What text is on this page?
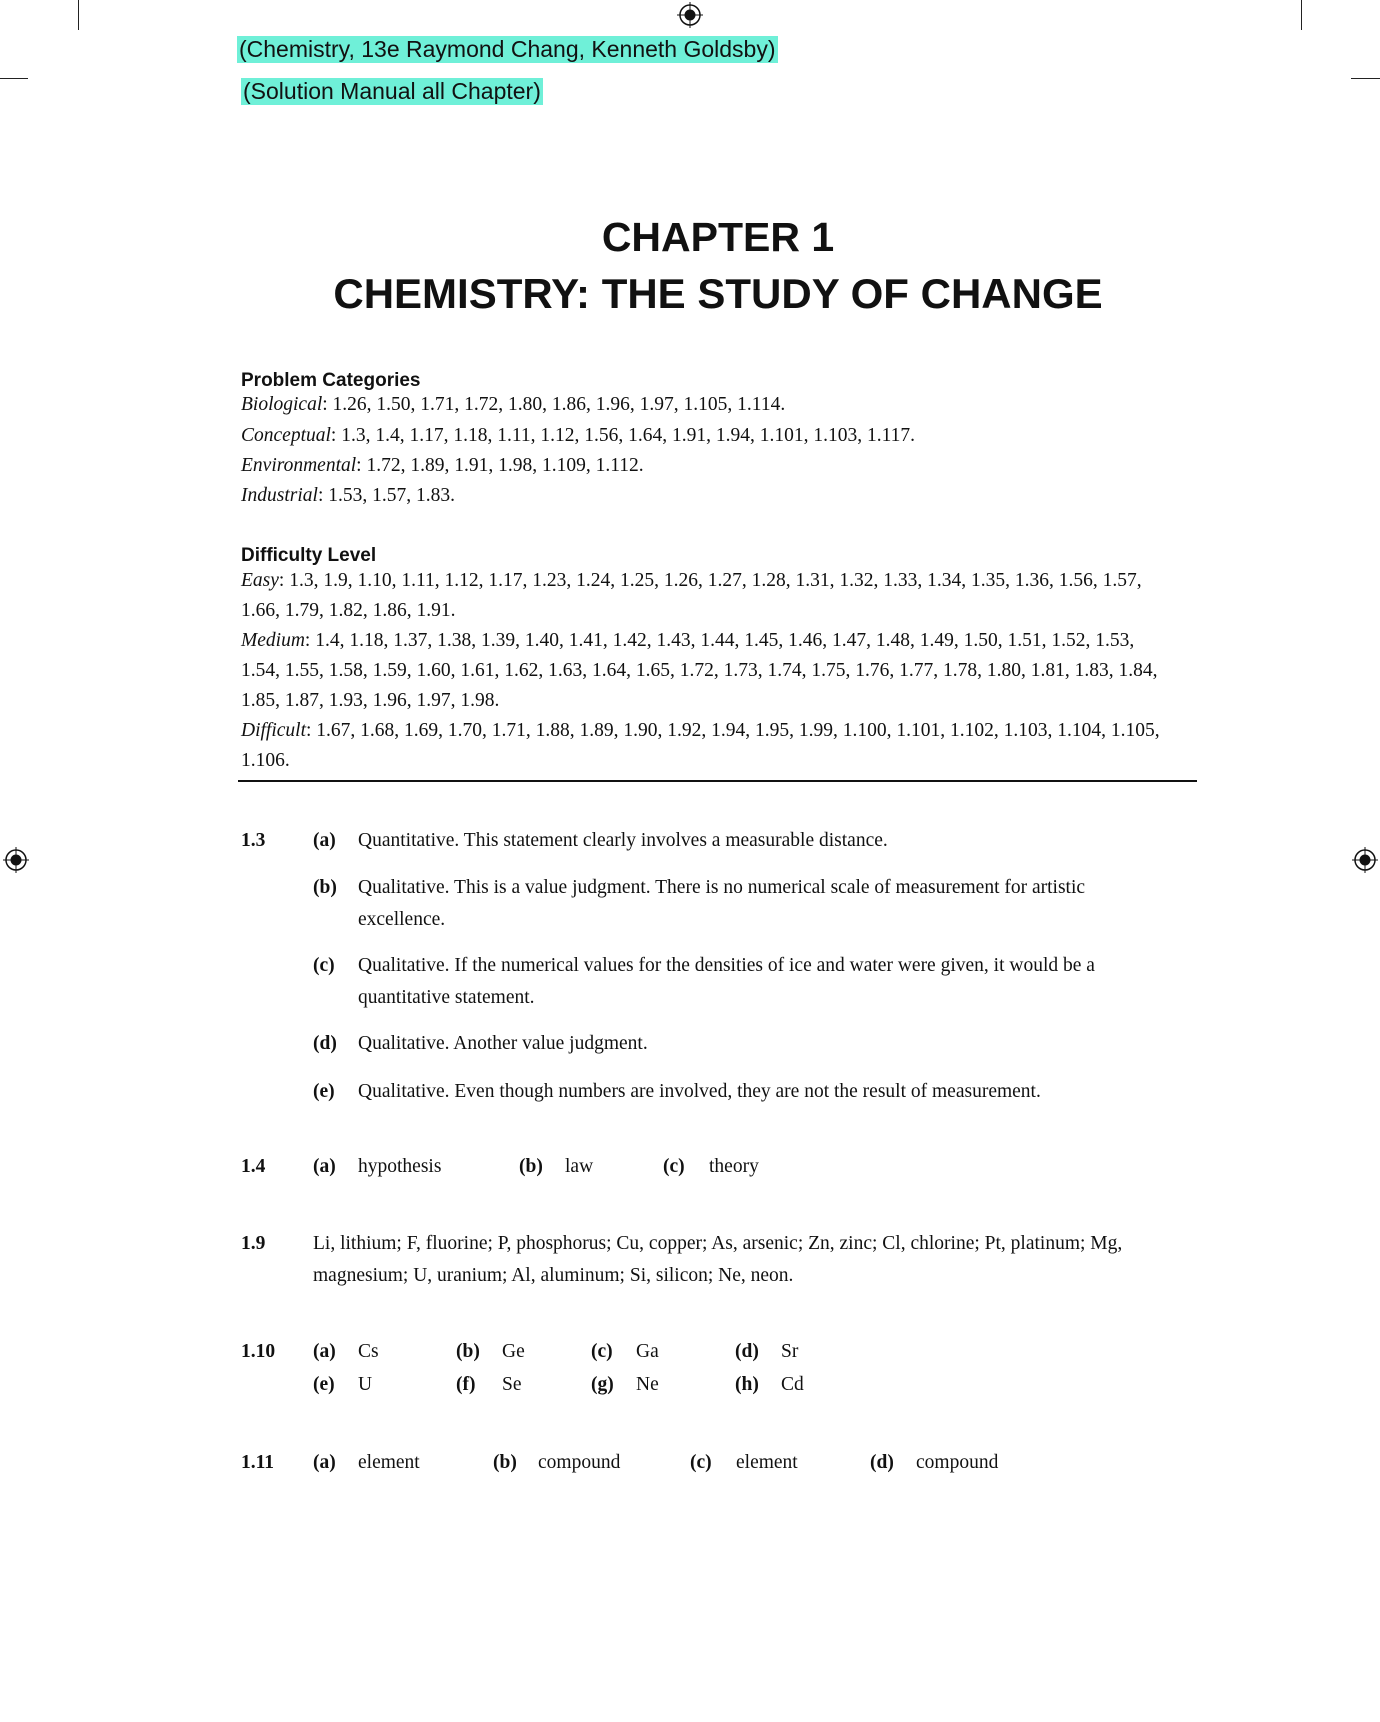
(Chemistry, 13e Raymond Chang, Kenneth Goldsby)
(Solution Manual all Chapter)
CHAPTER 1
CHEMISTRY: THE STUDY OF CHANGE
Problem Categories
Biological: 1.26, 1.50, 1.71, 1.72, 1.80, 1.86, 1.96, 1.97, 1.105, 1.114.
Conceptual: 1.3, 1.4, 1.17, 1.18, 1.11, 1.12, 1.56, 1.64, 1.91, 1.94, 1.101, 1.103, 1.117.
Environmental: 1.72, 1.89, 1.91, 1.98, 1.109, 1.112.
Industrial: 1.53, 1.57, 1.83.
Difficulty Level
Easy: 1.3, 1.9, 1.10, 1.11, 1.12, 1.17, 1.23, 1.24, 1.25, 1.26, 1.27, 1.28, 1.31, 1.32, 1.33, 1.34, 1.35, 1.36, 1.56, 1.57,
1.66, 1.79, 1.82, 1.86, 1.91.
Medium: 1.4, 1.18, 1.37, 1.38, 1.39, 1.40, 1.41, 1.42, 1.43, 1.44, 1.45, 1.46, 1.47, 1.48, 1.49, 1.50, 1.51, 1.52, 1.53,
1.54, 1.55, 1.58, 1.59, 1.60, 1.61, 1.62, 1.63, 1.64, 1.65, 1.72, 1.73, 1.74, 1.75, 1.76, 1.77, 1.78, 1.80, 1.81, 1.83, 1.84,
1.85, 1.87, 1.93, 1.96, 1.97, 1.98.
Difficult: 1.67, 1.68, 1.69, 1.70, 1.71, 1.88, 1.89, 1.90, 1.92, 1.94, 1.95, 1.99, 1.100, 1.101, 1.102, 1.103, 1.104, 1.105,
1.106.
1.3 (a) Quantitative. This statement clearly involves a measurable distance.
(b) Qualitative. This is a value judgment. There is no numerical scale of measurement for artistic excellence.
(c) Qualitative. If the numerical values for the densities of ice and water were given, it would be a quantitative statement.
(d) Qualitative. Another value judgment.
(e) Qualitative. Even though numbers are involved, they are not the result of measurement.
1.4 (a) hypothesis	(b) law	(c) theory
1.9 Li, lithium; F, fluorine; P, phosphorus; Cu, copper; As, arsenic; Zn, zinc; Cl, chlorine; Pt, platinum; Mg, magnesium; U, uranium; Al, aluminum; Si, silicon; Ne, neon.
1.10 (a) Cs	(b) Ge	(c) Ga	(d) Sr
(e) U	(f) Se	(g) Ne	(h) Cd
1.11 (a) element	(b) compound	(c) element	(d) compound
